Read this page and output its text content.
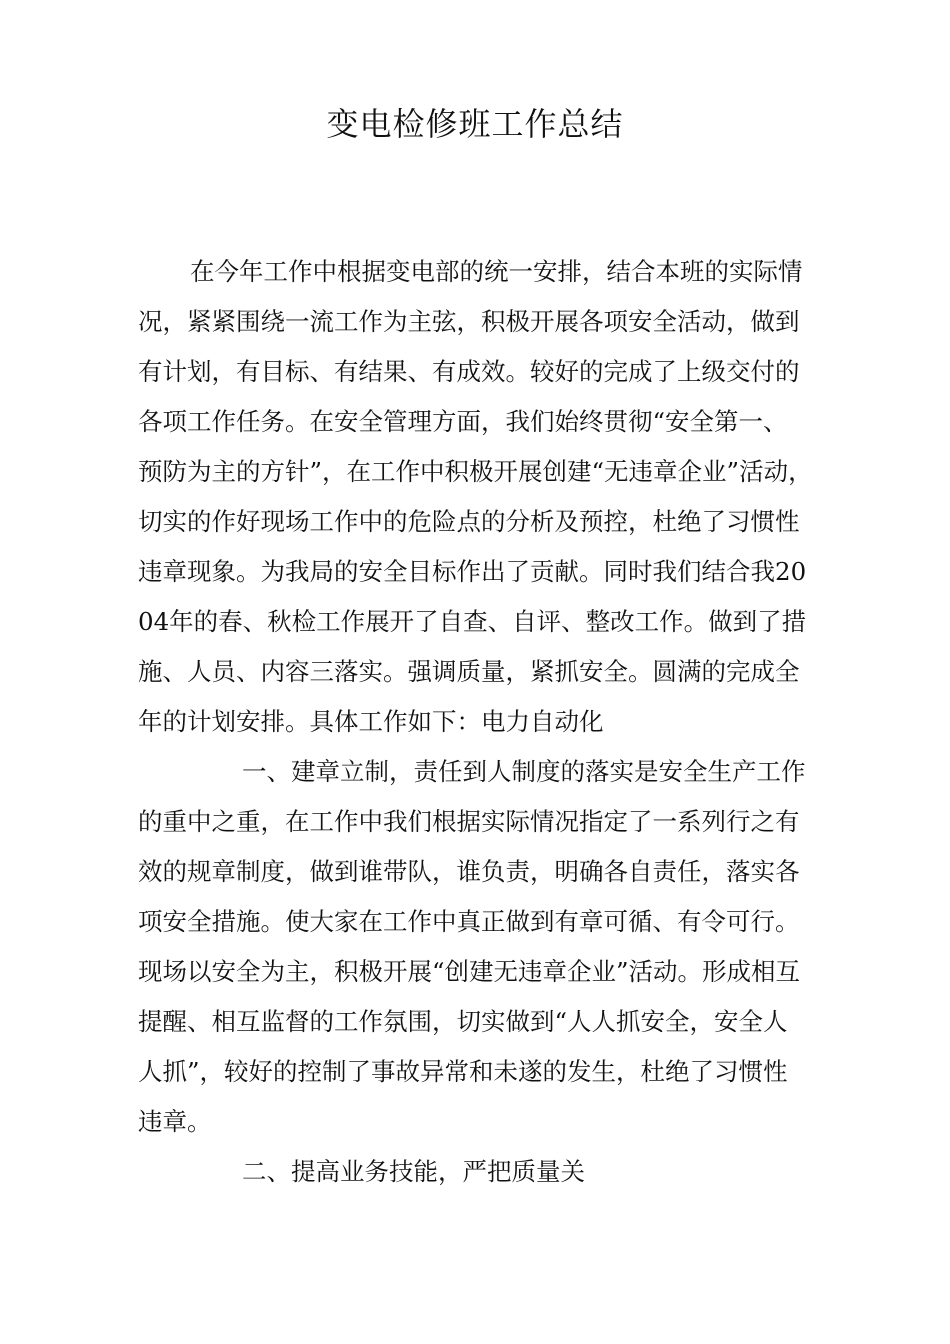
变电检修班工作总结

在今年工作中根据变电部的统一安排，结合本班的实际情

况，紧紧围绕一流工作为主弦，积极开展各项安全活动，做到

有计划，有目标、有结果、有成效。较好的完成了上级交付的

各项工作任务。在安全管理方面，我们始终贯彻“安全第一、

预防为主的方针”，在工作中积极开展创建“无违章企业”活动，

切实的作好现场工作中的危险点的分析及预控，杜绝了习惯性

违章现象。为我局的安全目标作出了贡献。同时我们结合我20

04年的春、秋检工作展开了自查、自评、整改工作。做到了措

施、人员、内容三落实。强调质量，紧抓安全。圆满的完成全

年的计划安排。具体工作如下：电力自动化

一、建章立制，责任到人制度的落实是安全生产工作

的重中之重，在工作中我们根据实际情况指定了一系列行之有

效的规章制度，做到谁带队，谁负责，明确各自责任，落实各

项安全措施。使大家在工作中真正做到有章可循、有令可行。

现场以安全为主，积极开展“创建无违章企业”活动。形成相互

提醒、相互监督的工作氛围，切实做到“人人抓安全，安全人

人抓”，较好的控制了事故异常和未遂的发生，杜绝了习惯性

违章。

二、提高业务技能，严把质量关
